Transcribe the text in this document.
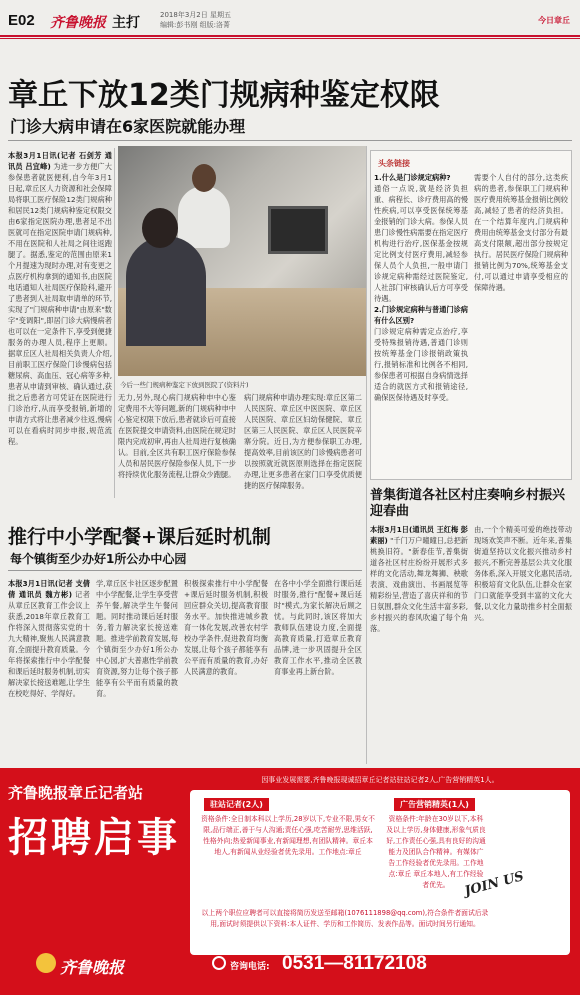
E02 齐鲁晚报 主打	2018年3月2日 星期五
编辑:彭书刚 组版:洛菁	今日章丘
章丘下放12类门规病种鉴定权限
门诊大病申请在6家医院就能办理
本报3月1日讯(记者 石剑芳 通讯员 吕宜峰) 为进一步方便广大参保患者就医便利,自今年3月1日起,章丘区人力资源和社会保障局将职工医疗保险12类门规病种和居民12类门规病种鉴定权限交由6家指定医院办理,患者足不出医就可在指定医院申请门规病种,不用在医院和人社局之间往返跑腿了。据悉,鉴定的范围由原来1个月提速为现时办理,对有变更之点医疗机构拿到的通知书,由医院电话通知人社局医疗保险科,避开了患者到人社局取申请单的环节,实现了"门规病种申请"由原来"数字"变调阳",即居门诊大病慢病者也可以在一定条件下,享受到便捷服务的办理人员,程序上更顺。 据章丘区人社局相关负责人介绍,目前职工医疗保险门诊慢病包括糖尿病、高血压、冠心病等多种,患者从申请到审核、确认通过,获批之后患者方可凭证在医院进行门诊治疗,从而享受报销,新增的申请方式将让患者减少往返,慢病可以在看病时同步申报,规范流程。
今后一些门规病种鉴定下放到医院了(资料片)
无力,另外,现心病门规病种申中心鉴定费用不大等问题,新的门规病种申中心鉴定权限下放后,患者就诊后可直接在医院提交申请资料,由医院在规定时限内完成初审,再由人社局进行复核确认。目前,全区共有职工医疗保险参保人员和居民医疗保险参保人员,下一步将持续优化服务流程,让群众少跑腿。
病门规病种申请办理实现:章丘区第二人民医院、章丘区中医医院、章丘区人民医院、章丘区妇幼保健院、章丘区第三人民医院、章丘区人民医院辛寨分院。近日,为方便参保职工办理,提高效率,目前该区的门诊慢病患者可以按照就近就医原则选择在指定医院办理,让更多患者在家门口享受优质便捷的医疗保障服务。
头条链接
1.什么是门诊规定病种?
通俗一点说,就是经济负担重、病程长、诊疗费用高的慢性疾病,可以享受医保统筹基金报销的门诊大病。参保人员患门诊慢性病需要在指定医疗机构进行治疗,医保基金按规定比例支付医疗费用,减轻参保人员个人负担,一般申请门诊规定病种需经过医院鉴定,人社部门审核确认后方可享受待遇。
2.门诊规定病种与普通门诊病有什么区别?
门诊规定病种需定点治疗,享受特殊报销待遇,普通门诊则按统筹基金门诊报销政策执行,报销标准和比例各不相同,参保患者可根据自身病情选择适合的就医方式和报销途径,确保医保待遇及时享受。
需要个人自付的部分,这类疾病的患者,参保职工门规病种医疗费用统筹基金报销比例较高,减轻了患者的经济负担。在一个结算年度内,门规病种费用由统筹基金支付部分有最高支付限额,超出部分按规定执行。居民医疗保险门规病种报销比例为70%,统筹基金支付,可以通过申请享受相应的保障待遇。
普集街道各社区村庄奏响乡村振兴迎春曲
本报3月1日(通讯员 王红梅 彭素丽) "千门万户曈曈日,总把新桃换旧符。"新春佳节,普集街道各社区村庄纷纷开展形式多样的文化活动,舞龙舞狮、秧歌表演、戏曲演出、书画展览等精彩纷呈,营造了喜庆祥和的节日氛围,群众文化生活丰富多彩,乡村振兴的春风吹遍了每个角落。
由,一个个精美可爱的绝技带动现场欢笑声不断。近年来,普集街道坚持以文化振兴推动乡村振兴,不断完善基层公共文化服务体系,深入开展文化惠民活动,积极培育文化队伍,让群众在家门口就能享受到丰富的文化大餐,以文化力量助推乡村全面振兴。
推行中小学配餐+课后延时机制
每个镇街至少办好1所公办中心园
本报3月1日讯(记者 支倩 倩 通讯员 魏方彬) 记者从章丘区教育工作会议上获悉,2018年章丘教育工作将深入贯彻落实党的十九大精神,聚焦人民满意教育,全面提升教育质量。今年将探索推行中小学配餐和课后延时服务机制,切实解决家长接送难题,让学生在校吃得好、学得好。
学,章丘区卡社区逐步配置中小学配餐,让学生享受营养午餐,解决学生午餐问题。同时推动课后延时服务,着力解决家长接送难题。推进学前教育发展,每个镇街至少办好1所公办中心园,扩大普惠性学前教育资源,努力让每个孩子都能享有公平而有质量的教育。
积极探索推行中小学配餐+课后延时服务机制,积极回应群众关切,提高教育服务水平。加快推进城乡教育一体化发展,改善农村学校办学条件,促进教育均衡发展,让每个孩子都能享有公平而有质量的教育,办好人民满意的教育。
在各中小学全面推行课后延时服务,推行"配餐+课后延时"模式,为家长解决后顾之忧。与此同时,该区将加大教师队伍建设力度,全面提高教育质量,打造章丘教育品牌,进一步巩固提升全区教育工作水平,推动全区教育事业再上新台阶。
齐鲁晚报章丘记者站
招聘启事
齐鲁晚报
因事业发展需要,齐鲁晚报现诚招章丘记者站驻站记者2人,广告营销精英1人。
驻站记者(2人)	广告营销精英(1人)
资格条件:全日制本科以上学历,28岁以下,专业不限,男女不限,品行端正,善于与人沟通;责任心强,吃苦耐劳,思维活跃,性格外向;热爱新闻事业,有新闻理想,有团队精神。章丘本地人,有新闻从业经验者优先录用。工作地点:章丘
资格条件:年龄在30岁以下,本科及以上学历,身体健康,形象气质良好,工作责任心强,具有良好的沟通能力及团队合作精神。有媒体广告工作经验者优先录用。工作地点:章丘 章丘本地人,有工作经验者优先。
以上两个职位应聘者可以直接将简历发送至邮箱(1076111898@qq.com),符合条件者面试后录用,面试时须提供以下资料:本人证件、学历和工作简历、发表作品等。面试时间另行通知。
JOIN US
咨询电话: 0531—81172108
